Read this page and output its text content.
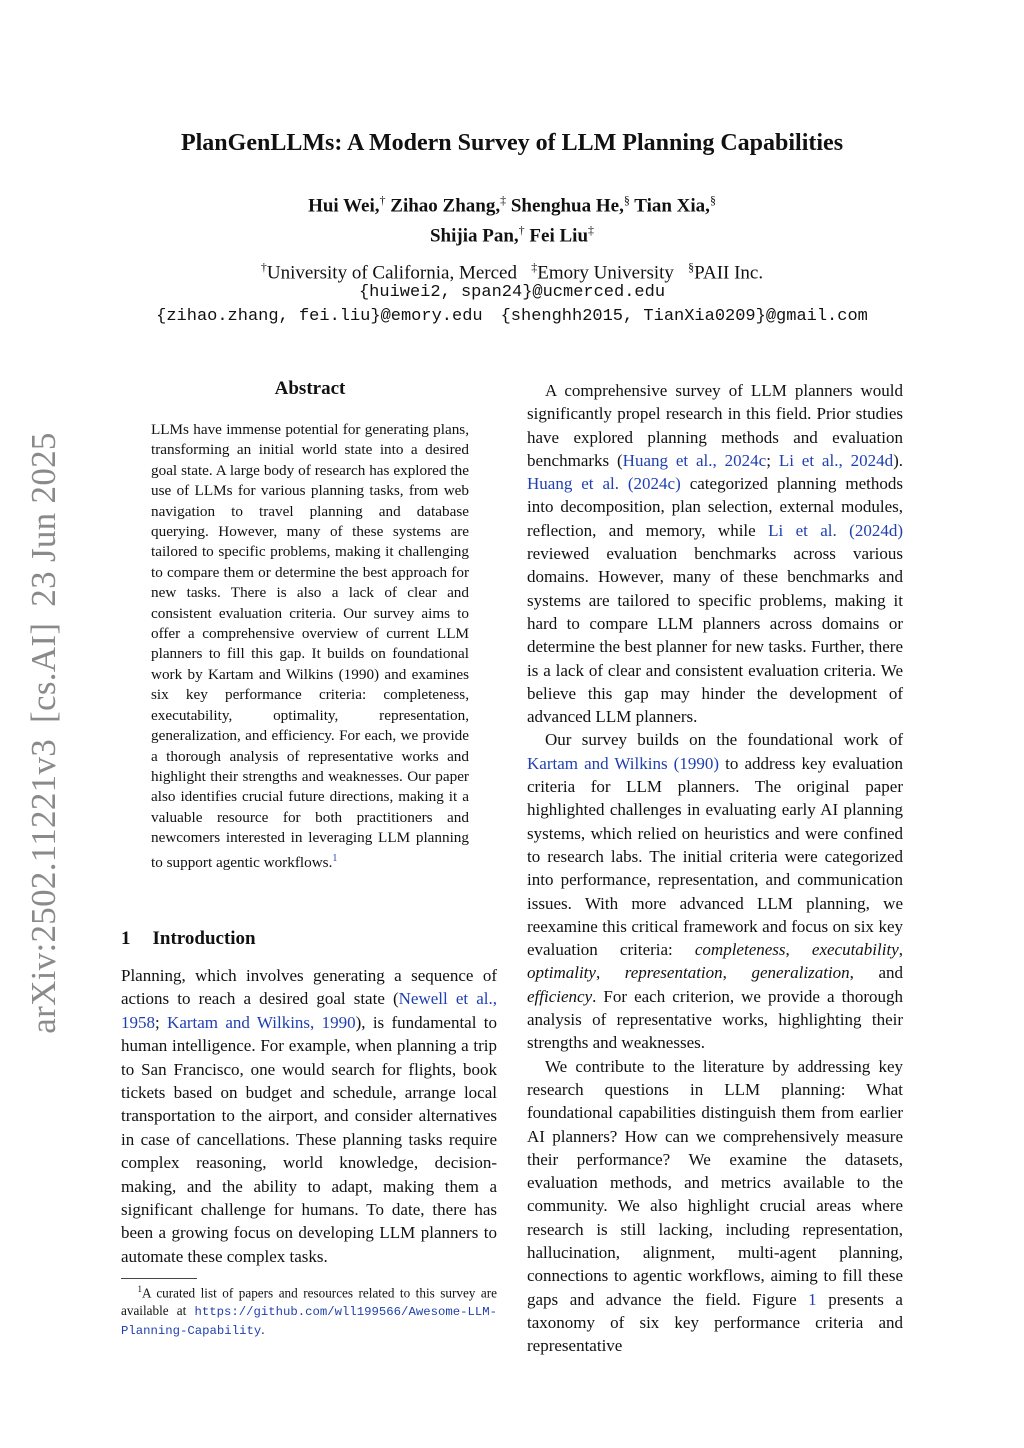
arXiv:2502.11221v3[cs.AI]23 Jun 2025
PlanGenLLMs: A Modern Survey of LLM Planning Capabilities
Hui Wei,† Zihao Zhang,‡ Shenghua He,§ Tian Xia,§
Shijia Pan,† Fei Liu‡
†University of California, Merced ‡Emory University §PAII Inc.
{huiwei2, span24}@ucmerced.edu
{zihao.zhang, fei.liu}@emory.edu {shenghh2015, TianXia0209}@gmail.com
Abstract
LLMs have immense potential for generating plans, transforming an initial world state into a desired goal state. A large body of research has explored the use of LLMs for various planning tasks, from web navigation to travel planning and database querying. However, many of these systems are tailored to specific problems, making it challenging to compare them or determine the best approach for new tasks. There is also a lack of clear and consistent evaluation criteria. Our survey aims to offer a comprehensive overview of current LLM planners to fill this gap. It builds on foundational work by Kartam and Wilkins (1990) and examines six key performance criteria: completeness, executability, optimality, representation, generalization, and efficiency. For each, we provide a thorough analysis of representative works and highlight their strengths and weaknesses. Our paper also identifies crucial future directions, making it a valuable resource for both practitioners and newcomers interested in leveraging LLM planning to support agentic workflows.$^1$
1 Introduction
Planning, which involves generating a sequence of actions to reach a desired goal state (Newell et al., 1958; Kartam and Wilkins, 1990), is fundamental to human intelligence. For example, when planning a trip to San Francisco, one would search for flights, book tickets based on budget and schedule, arrange local transportation to the airport, and consider alternatives in case of cancellations. These planning tasks require complex reasoning, world knowledge, decision-making, and the ability to adapt, making them a significant challenge for humans. To date, there has been a growing focus on developing LLM planners to automate these complex tasks.
$^1$A curated list of papers and resources related to this survey are available at https://github.com/wll199566/Awesome-LLM-Planning-Capability.

A comprehensive survey of LLM planners would significantly propel research in this field. Prior studies have explored planning methods and evaluation benchmarks (Huang et al., 2024c; Li et al., 2024d). Huang et al. (2024c) categorized planning methods into decomposition, plan selection, external modules, reflection, and memory, while Li et al. (2024d) reviewed evaluation benchmarks across various domains. However, many of these benchmarks and systems are tailored to specific problems, making it hard to compare LLM planners across domains or determine the best planner for new tasks. Further, there is a lack of clear and consistent evaluation criteria. We believe this gap may hinder the development of advanced LLM planners.

Our survey builds on the foundational work of Kartam and Wilkins (1990) to address key evaluation criteria for LLM planners. The original paper highlighted challenges in evaluating early AI planning systems, which relied on heuristics and were confined to research labs. The initial criteria were categorized into performance, representation, and communication issues. With more advanced LLM planning, we reexamine this critical framework and focus on six key evaluation criteria: completeness, executability, optimality, representation, generalization, and efficiency. For each criterion, we provide a thorough analysis of representative works, highlighting their strengths and weaknesses.

We contribute to the literature by addressing key research questions in LLM planning: What foundational capabilities distinguish them from earlier AI planners? How can we comprehensively measure their performance? We examine the datasets, evaluation methods, and metrics available to the community. We also highlight crucial areas where research is still lacking, including representation, hallucination, alignment, multi-agent planning, connections to agentic workflows, aiming to fill these gaps and advance the field. Figure 1 presents a taxonomy of six key performance criteria and representative
